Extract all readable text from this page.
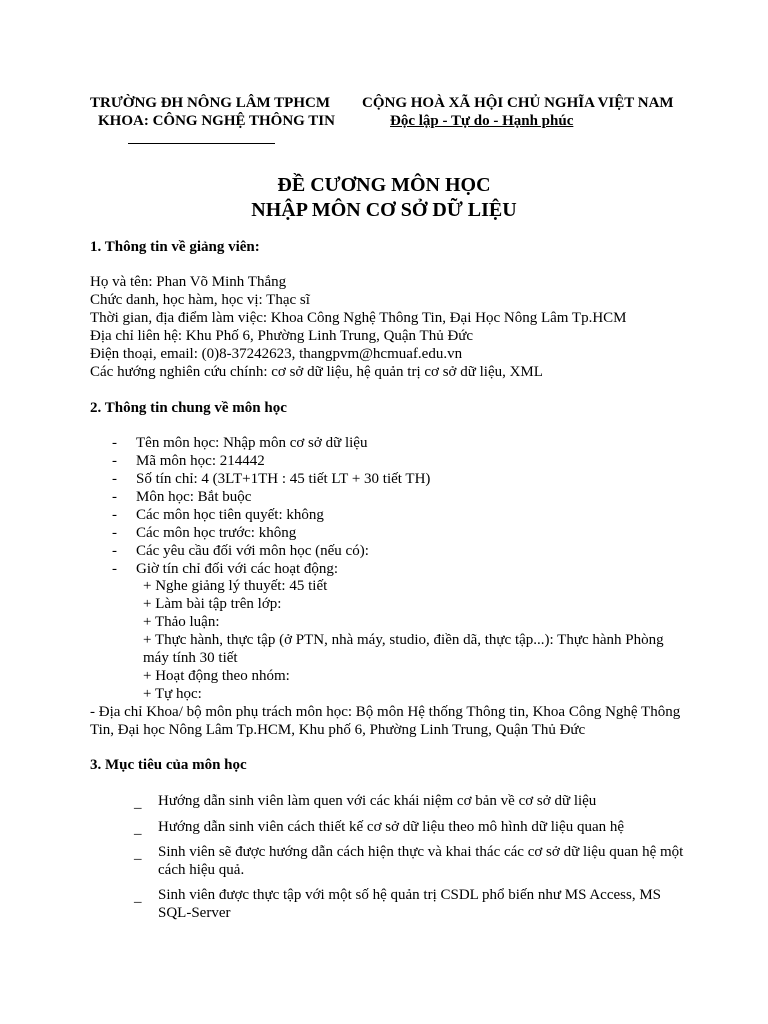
TRƯỜNG ĐH NÔNG LÂM TPHCM
KHOA: CÔNG NGHỆ THÔNG TIN
CỘNG HOÀ XÃ HỘI CHỦ NGHĨA VIỆT NAM
Độc lập - Tự do - Hạnh phúc
ĐỀ CƯƠNG MÔN HỌC
NHẬP MÔN CƠ SỞ DỮ LIỆU
1. Thông tin về giảng viên:
Họ và tên: Phan Võ Minh Thắng
Chức danh, học hàm, học vị: Thạc sĩ
Thời gian, địa điểm làm việc: Khoa Công Nghệ Thông Tin, Đại Học Nông Lâm Tp.HCM
Địa chỉ liên hệ: Khu Phố 6, Phường Linh Trung, Quận Thủ Đức
Điện thoại, email: (0)8-37242623, thangpvm@hcmuaf.edu.vn
Các hướng nghiên cứu chính: cơ sở dữ liệu, hệ quản trị cơ sở dữ liệu, XML
2. Thông tin chung về môn học
- Tên môn học: Nhập môn cơ sở dữ liệu
- Mã môn học: 214442
- Số tín chỉ: 4 (3LT+1TH : 45 tiết LT + 30 tiết TH)
- Môn học: Bắt buộc
- Các môn học tiên quyết: không
- Các môn học trước: không
- Các yêu cầu đối với môn học (nếu có):
- Giờ tín chỉ đối với các hoạt động:
+ Nghe giảng lý thuyết: 45 tiết
+ Làm bài tập trên lớp:
+ Thảo luận:
+ Thực hành, thực tập (ở PTN, nhà máy, studio, điền dã, thực tập...): Thực hành Phòng máy tính 30 tiết
+ Hoạt động theo nhóm:
+ Tự học:
- Địa chỉ Khoa/ bộ môn phụ trách môn học: Bộ môn Hệ thống Thông tin, Khoa Công Nghệ Thông Tin, Đại học Nông Lâm Tp.HCM, Khu phố 6, Phường Linh Trung, Quận Thủ Đức
3. Mục tiêu của môn học
_ Hướng dẫn sinh viên làm quen với các khái niệm cơ bản về cơ sở dữ liệu
_ Hướng dẫn sinh viên cách thiết kế cơ sở dữ liệu theo mô hình dữ liệu quan hệ
_ Sinh viên sẽ được hướng dẫn cách hiện thực và khai thác các cơ sở dữ liệu quan hệ một cách hiệu quả.
_ Sinh viên được thực tập với một số hệ quản trị CSDL phổ biến như MS Access, MS SQL-Server
